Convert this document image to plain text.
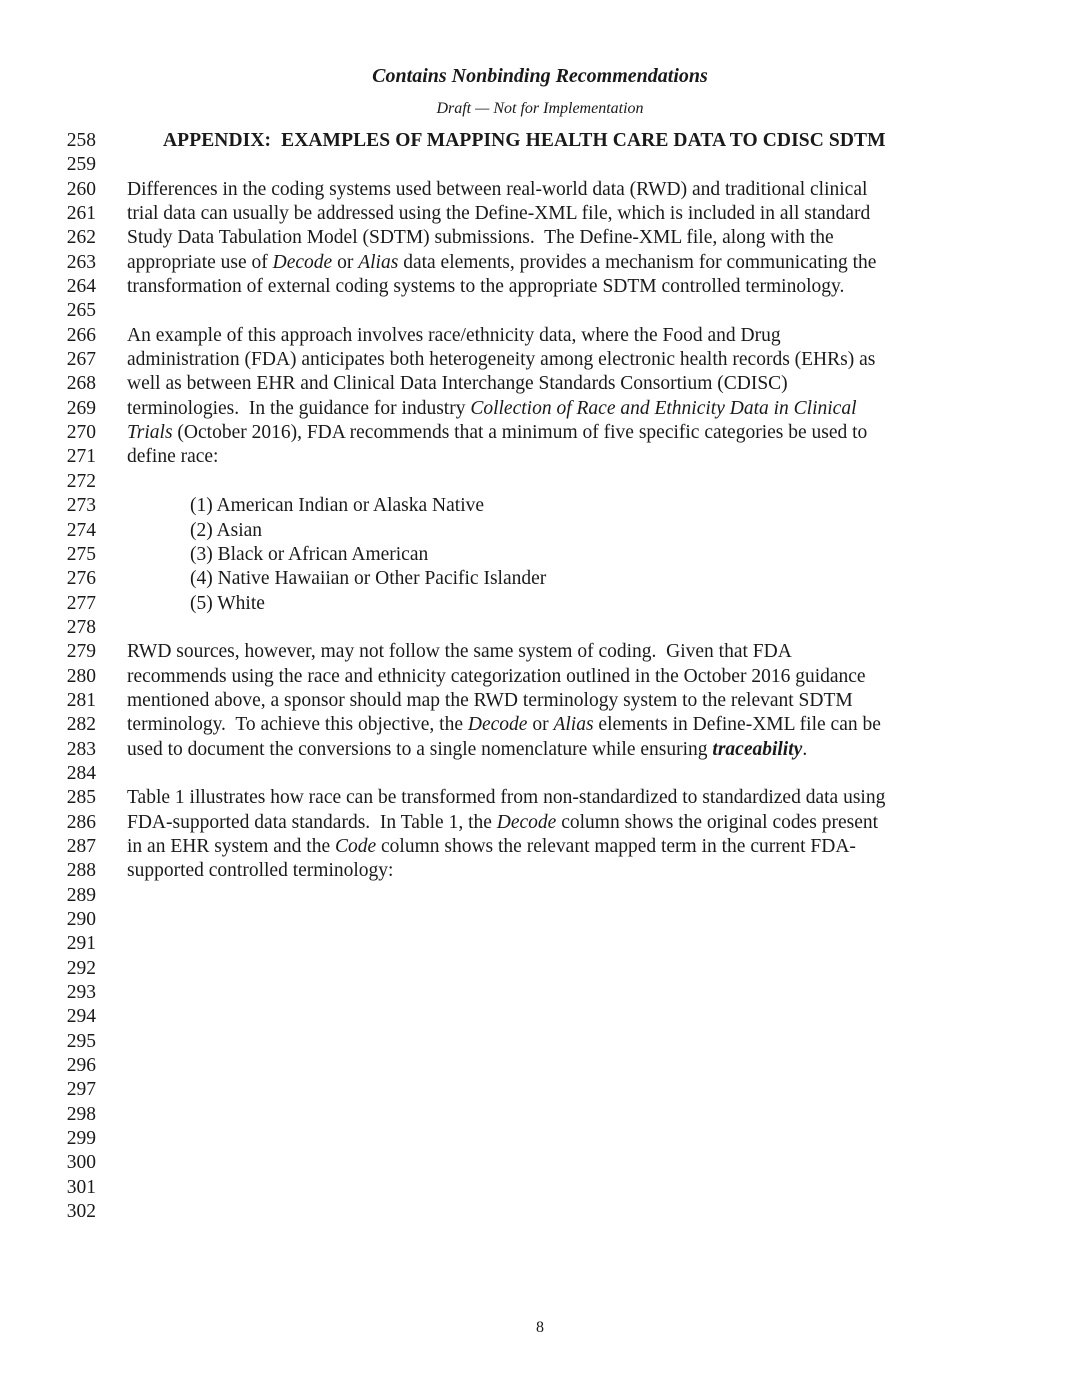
Contains Nonbinding Recommendations
Draft — Not for Implementation
258	APPENDIX:  EXAMPLES OF MAPPING HEALTH CARE DATA TO CDISC SDTM
259
260 Differences in the coding systems used between real-world data (RWD) and traditional clinical
261 trial data can usually be addressed using the Define-XML file, which is included in all standard
262 Study Data Tabulation Model (SDTM) submissions.  The Define-XML file, along with the
263 appropriate use of Decode or Alias data elements, provides a mechanism for communicating the
264 transformation of external coding systems to the appropriate SDTM controlled terminology.
265
266 An example of this approach involves race/ethnicity data, where the Food and Drug
267 administration (FDA) anticipates both heterogeneity among electronic health records (EHRs) as
268 well as between EHR and Clinical Data Interchange Standards Consortium (CDISC)
269 terminologies.  In the guidance for industry Collection of Race and Ethnicity Data in Clinical
270 Trials (October 2016), FDA recommends that a minimum of five specific categories be used to
271 define race:
272
273	(1) American Indian or Alaska Native
274	(2) Asian
275	(3) Black or African American
276	(4) Native Hawaiian or Other Pacific Islander
277	(5) White
278
279 RWD sources, however, may not follow the same system of coding.  Given that FDA
280 recommends using the race and ethnicity categorization outlined in the October 2016 guidance
281 mentioned above, a sponsor should map the RWD terminology system to the relevant SDTM
282 terminology.  To achieve this objective, the Decode or Alias elements in Define-XML file can be
283 used to document the conversions to a single nomenclature while ensuring traceability.
284
285 Table 1 illustrates how race can be transformed from non-standardized to standardized data using
286 FDA-supported data standards.  In Table 1, the Decode column shows the original codes present
287 in an EHR system and the Code column shows the relevant mapped term in the current FDA-
288 supported controlled terminology:
289
290
291
292
293
294
295
296
297
298
299
300
301
302
8
